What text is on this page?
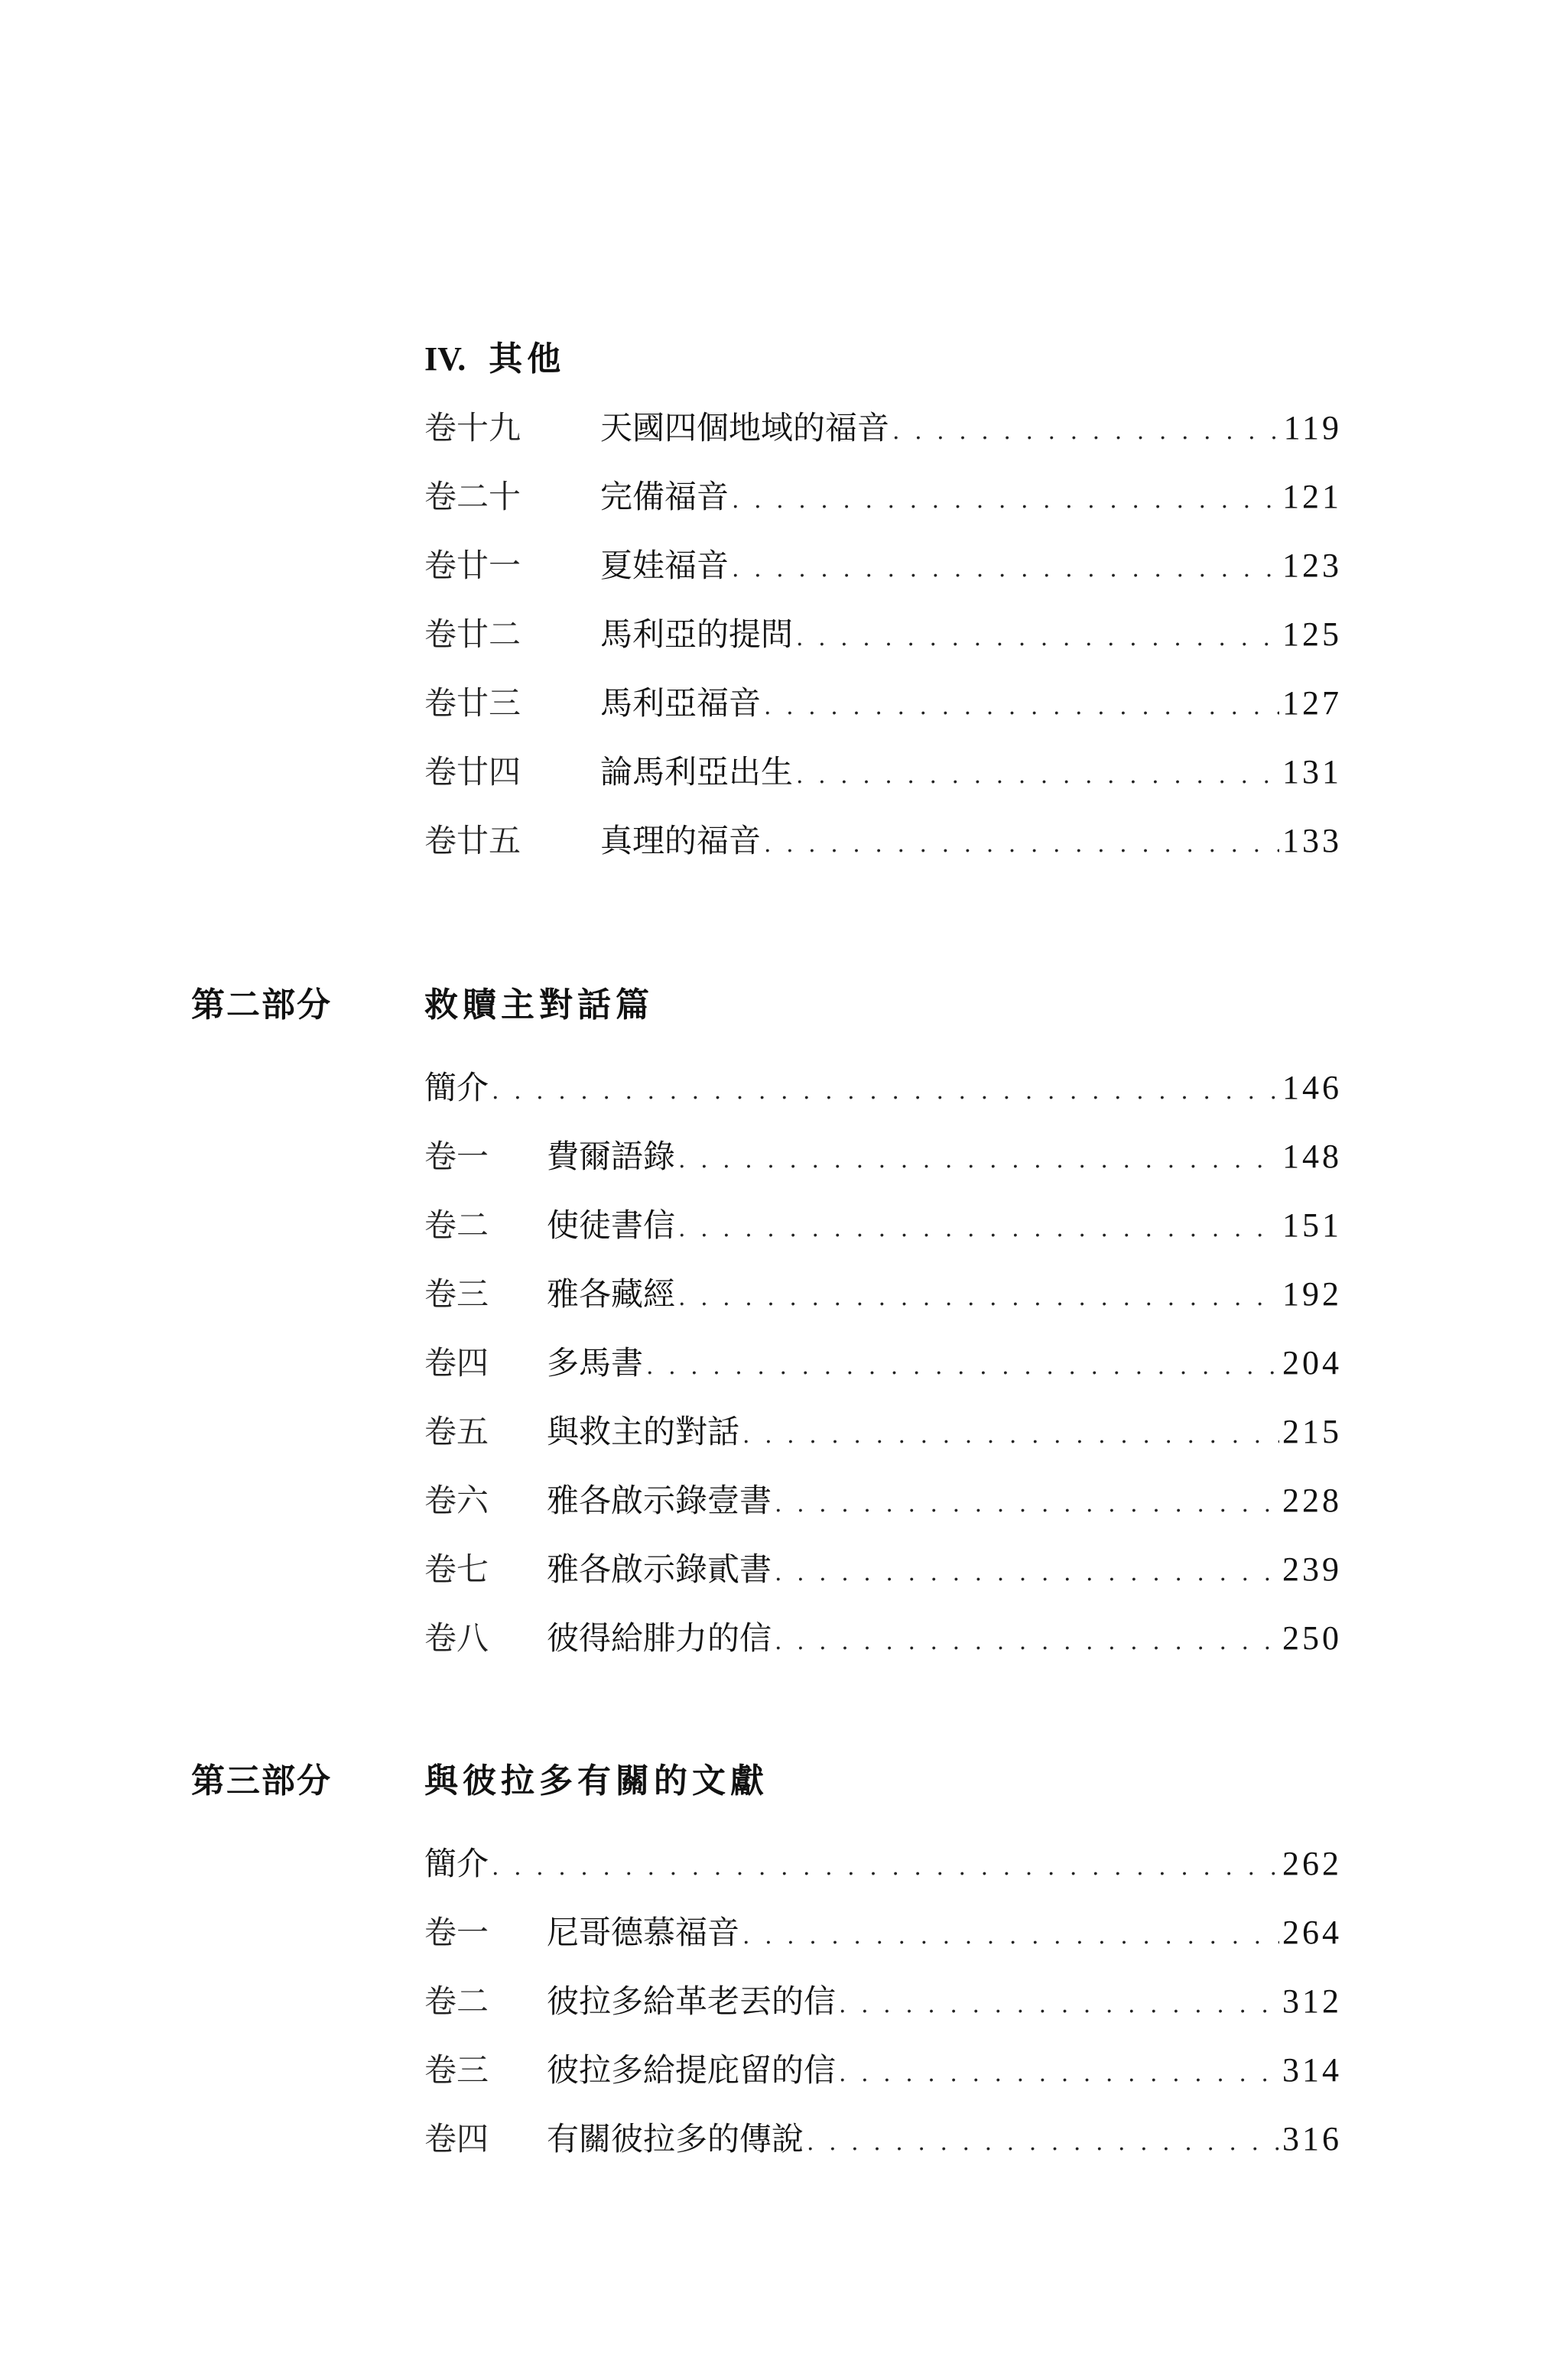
IV. 其他
卷十九	天國四個地域的福音 . . .	119
卷二十	完備福音 . . .	121
卷廿一	夏娃福音 . . .	123
卷廿二	馬利亞的提問 . . .	125
卷廿三	馬利亞福音 . . .	127
卷廿四	論馬利亞出生 . . .	131
卷廿五	真理的福音 . . .	133
第二部分	救贖主對話篇
簡介 . . .	146
卷一	費爾語錄 . . .	148
卷二	使徒書信 . . .	151
卷三	雅各藏經 . . .	192
卷四	多馬書 . . .	204
卷五	與救主的對話 . . .	215
卷六	雅各啟示錄壹書 . . .	228
卷七	雅各啟示錄貳書 . . .	239
卷八	彼得給腓力的信 . . .	250
第三部分	與彼拉多有關的文獻
簡介 . . .	262
卷一	尼哥德慕福音 . . .	264
卷二	彼拉多給革老丟的信 . . .	312
卷三	彼拉多給提庇留的信 . . .	314
卷四	有關彼拉多的傳說 . . .	316
